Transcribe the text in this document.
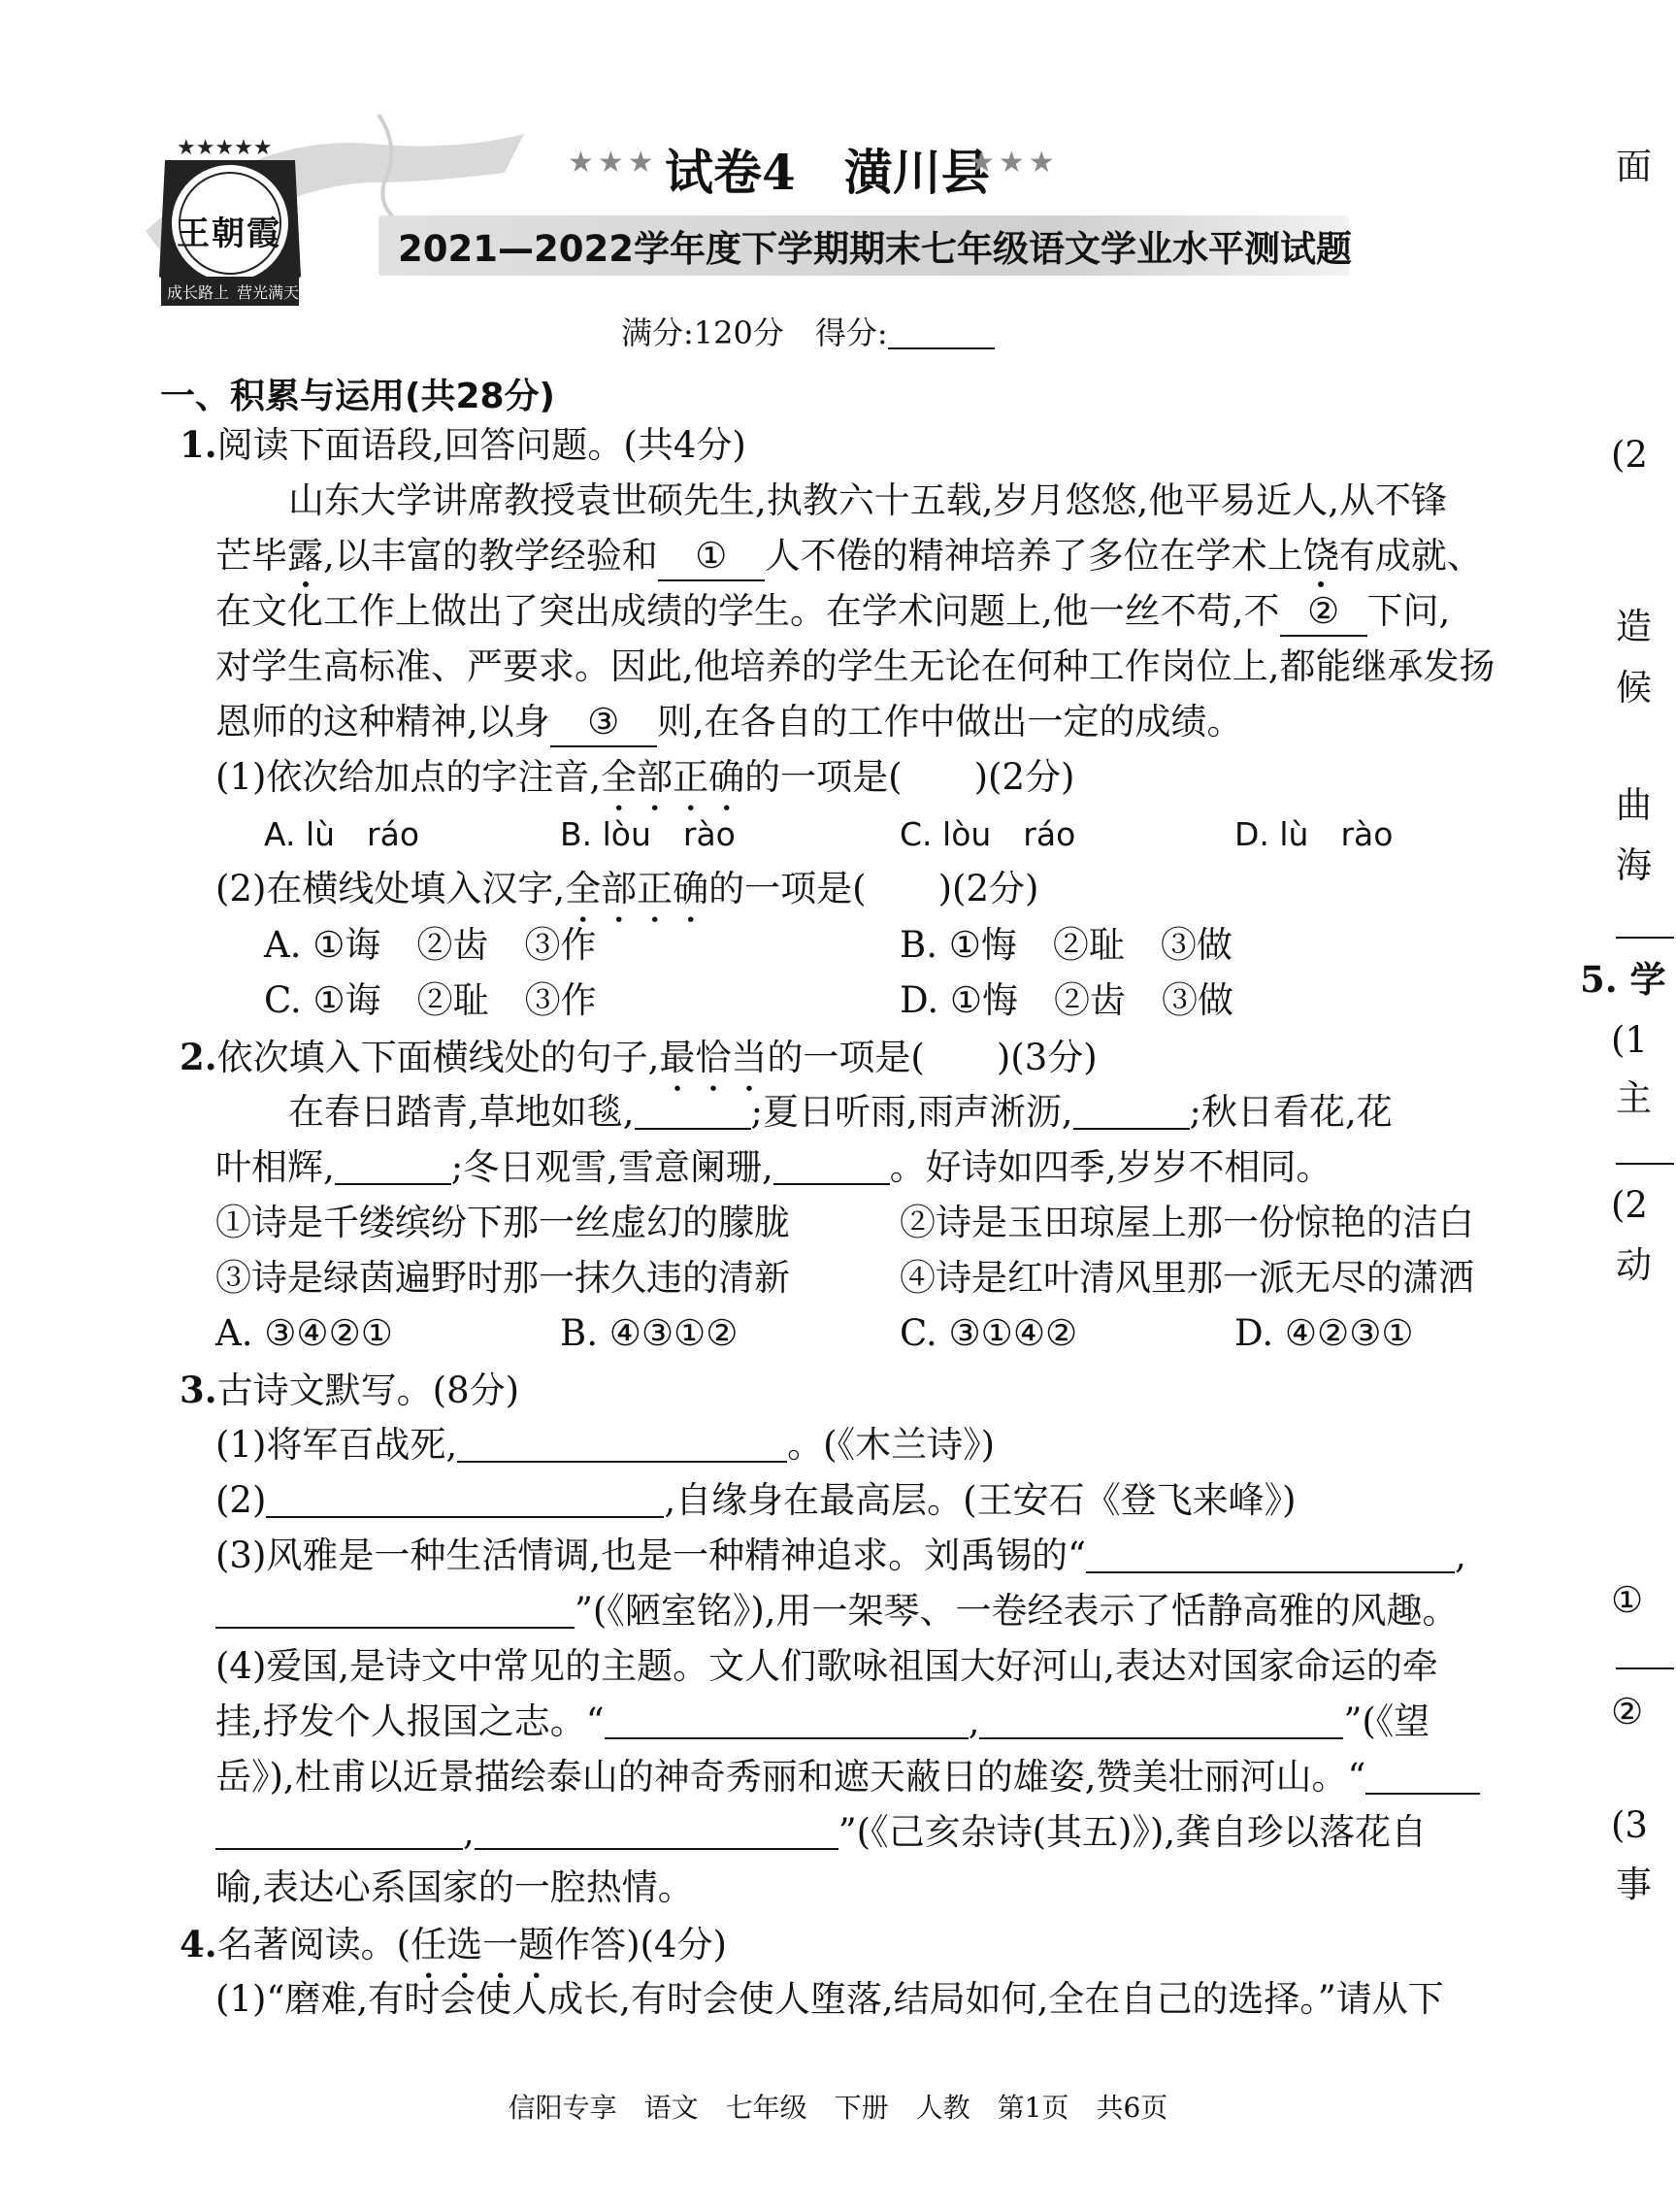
★★★★★
王朝霞
成长路上 营光满天
★★★ 试卷4　潢川县
★★★
2021—2022学年度下学期期末七年级语文学业水平测试题
满分:120分　得分:
一、积累与运用(共28分)
1.阅读下面语段,回答问题。(共4分)
山东大学讲席教授袁世硕先生,执教六十五载,岁月悠悠,他平易近人,从不锋
芒毕露,以丰富的教学经验和 ① 人不倦的精神培养了多位在学术上饶有成就、
在文化工作上做出了突出成绩的学生。在学术问题上,他一丝不苟,不 ② 下问,
对学生高标准、严要求。因此,他培养的学生无论在何种工作岗位上,都能继承发扬
恩师的这种精神,以身 ③ 则,在各自的工作中做出一定的成绩。
(1)依次给加点的字注音,全部正确的一项是(　　)(2分)
A. lù　ráo	B. lòu　rào	C. lòu　ráo	D. lù　rào
(2)在横线处填入汉字,全部正确的一项是(　　)(2分)
A. ①诲　②齿　③作	B. ①悔　②耻　③做
C. ①诲　②耻　③作	D. ①悔　②齿　③做
2.依次填入下面横线处的句子,最恰当的一项是(　　)(3分)
在春日踏青,草地如毯,	;夏日听雨,雨声淅沥,	;秋日看花,花
叶相辉,	;冬日观雪,雪意阑珊,	。好诗如四季,岁岁不相同。
①诗是千缕缤纷下那一丝虚幻的朦胧	②诗是玉田琼屋上那一份惊艳的洁白
③诗是绿茵遍野时那一抹久违的清新	④诗是红叶清风里那一派无尽的潇洒
A. ③④②①	B. ④③①②	C. ③①④②	D. ④②③①
3.古诗文默写。(8分)
(1)将军百战死,	。(《木兰诗》)
(2)	,自缘身在最高层。(王安石《登飞来峰》)
(3)风雅是一种生活情调,也是一种精神追求。刘禹锡的“	,
”(《陋室铭》),用一架琴、一卷经表示了恬静高雅的风趣。
(4)爱国,是诗文中常见的主题。文人们歌咏祖国大好河山,表达对国家命运的牵
挂,抒发个人报国之志。“	,	”(《望
岳》),杜甫以近景描绘泰山的神奇秀丽和遮天蔽日的雄姿,赞美壮丽河山。“
,	”(《己亥杂诗(其五)》),龚自珍以落花自
喻,表达心系国家的一腔热情。
4.名著阅读。(任选一题作答)(4分)
(1)“磨难,有时会使人成长,有时会使人堕落,结局如何,全在自己的选择。”请从下
信阳专享　语文　七年级　下册　人教　第1页　共6页
面
(2
造
候
曲
海
5. 学
(1
主
(2
动
①
②
(3
事
